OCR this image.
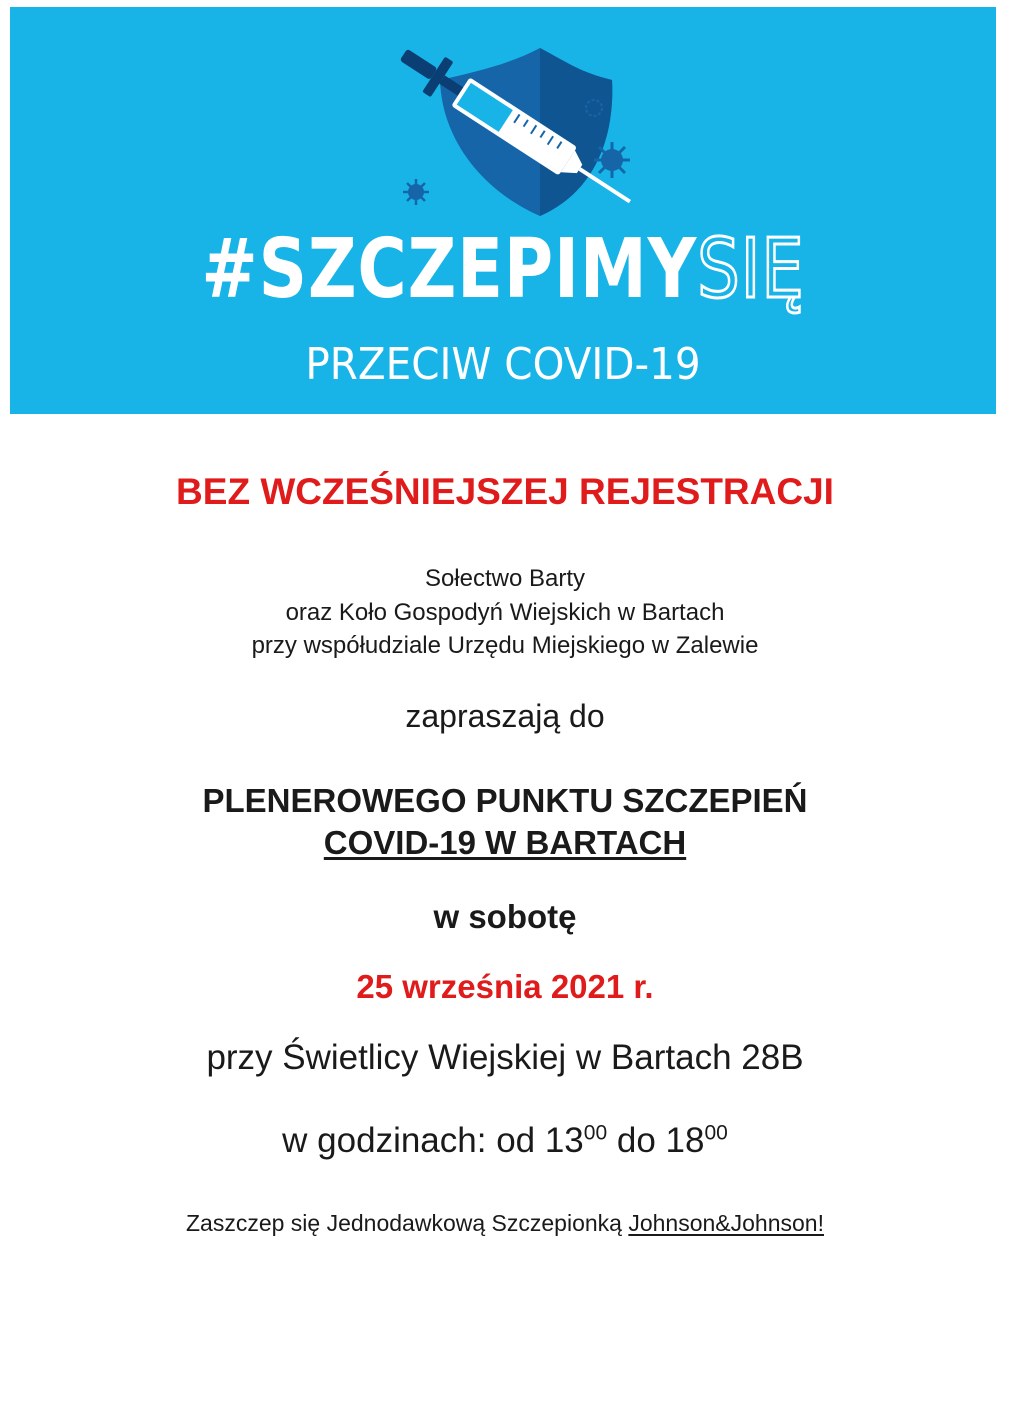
#SZCZEPIMYSIĘ
PRZECIW COVID-19
BEZ WCZEŚNIEJSZEJ REJESTRACJI
Sołectwo Barty
oraz Koło Gospodyń Wiejskich w Bartach
przy współudziale Urzędu Miejskiego w Zalewie
zapraszają do
PLENEROWEGO PUNKTU SZCZEPIEŃ
COVID-19 W BARTACH
w sobotę
25 września 2021 r.
przy Świetlicy Wiejskiej w Bartach 28B
w godzinach: od $13^{00}$ do $18^{00}$
Zaszczep się Jednodawkową Szczepionką Johnson&Johnson!
